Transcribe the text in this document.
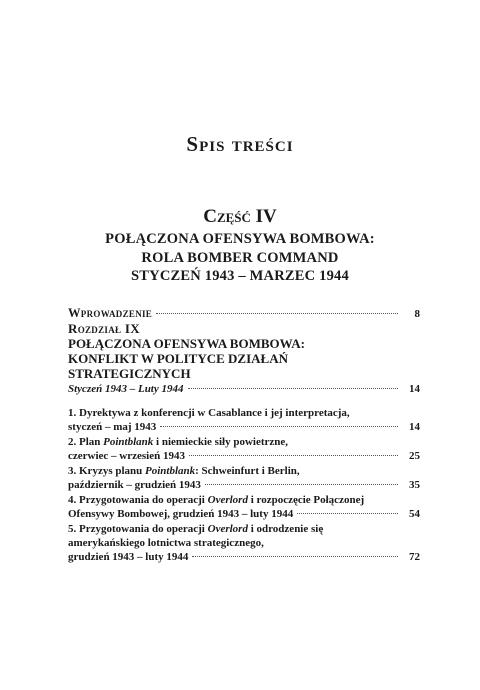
Spis treści
Część IV
POŁĄCZONA OFENSYWA BOMBOWA:
ROLA BOMBER COMMAND
STYCZEŃ 1943 – MARZEC 1944
Wprowadzenie	8
Rozdział IX
POŁĄCZONA OFENSYWA BOMBOWA:
KONFLIKT W POLITYCE DZIAŁAŃ
STRATEGICZNYCH
Styczeń 1943 – Luty 1944	14
1. Dyrektywa z konferencji w Casablance i jej interpretacja,
styczeń – maj 1943	14
2. Plan Pointblank i niemieckie siły powietrzne,
czerwiec – wrzesień 1943	25
3. Kryzys planu Pointblank: Schweinfurt i Berlin,
październik – grudzień 1943	35
4. Przygotowania do operacji Overlord i rozpoczęcie Połączonej
Ofensywy Bombowej, grudzień 1943 – luty 1944	54
5. Przygotowania do operacji Overlord i odrodzenie się
amerykańskiego lotnictwa strategicznego,
grudzień 1943 – luty 1944	72
